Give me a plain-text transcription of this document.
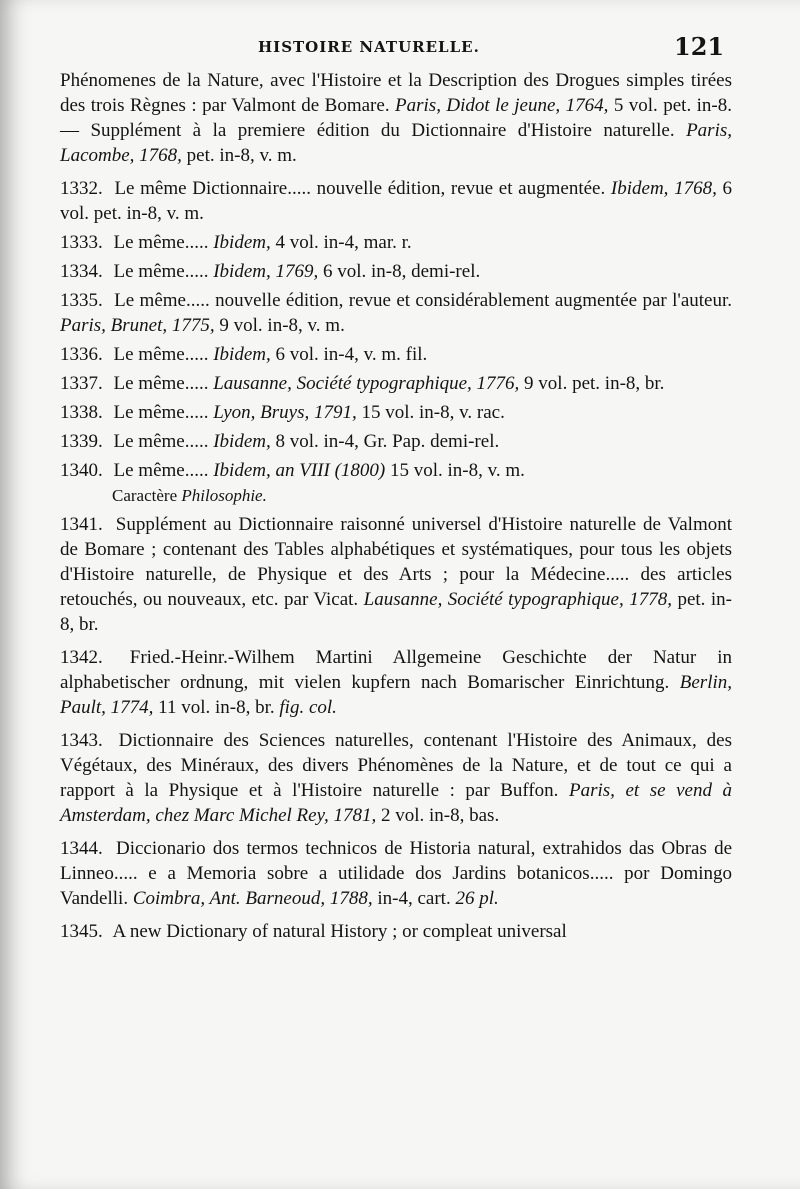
HISTOIRE NATURELLE.	121
Phénomenes de la Nature, avec l'Histoire et la Description des Drogues simples tirées des trois Règnes : par Valmont de Bomare. Paris, Didot le jeune, 1764, 5 vol. pet. in-8. — Supplément à la premiere édition du Dictionnaire d'Histoire naturelle. Paris, Lacombe, 1768, pet. in-8, v. m.
1332. Le même Dictionnaire..... nouvelle édition, revue et augmentée. Ibidem, 1768, 6 vol. pet. in-8, v. m.
1333. Le même..... Ibidem, 4 vol. in-4, mar. r.
1334. Le même..... Ibidem, 1769, 6 vol. in-8, demi-rel.
1335. Le même..... nouvelle édition, revue et considérablement augmentée par l'auteur. Paris, Brunet, 1775, 9 vol. in-8, v. m.
1336. Le même..... Ibidem, 6 vol. in-4, v. m. fil.
1337. Le même..... Lausanne, Société typographique, 1776, 9 vol. pet. in-8, br.
1338. Le même..... Lyon, Bruys, 1791, 15 vol. in-8, v. rac.
1339. Le même..... Ibidem, 8 vol. in-4, Gr. Pap. demi-rel.
1340. Le même..... Ibidem, an VIII (1800) 15 vol. in-8, v. m.
Caractère Philosophie.
1341. Supplément au Dictionnaire raisonné universel d'Histoire naturelle de Valmont de Bomare ; contenant des Tables alphabétiques et systématiques, pour tous les objets d'Histoire naturelle, de Physique et des Arts ; pour la Médecine..... des articles retouchés, ou nouveaux, etc. par Vicat. Lausanne, Société typographique, 1778, pet. in-8, br.
1342. Fried.-Heinr.-Wilhem Martini Allgemeine Geschichte der Natur in alphabetischer ordnung, mit vielen kupfern nach Bomarischer Einrichtung. Berlin, Pault, 1774, 11 vol. in-8, br. fig. col.
1343. Dictionnaire des Sciences naturelles, contenant l'Histoire des Animaux, des Végétaux, des Minéraux, des divers Phénomènes de la Nature, et de tout ce qui a rapport à la Physique et à l'Histoire naturelle : par Buffon. Paris, et se vend à Amsterdam, chez Marc Michel Rey, 1781, 2 vol. in-8, bas.
1344. Diccionario dos termos technicos de Historia natural, extrahidos das Obras de Linneo..... e a Memoria sobre a utilidade dos Jardins botanicos..... por Domingo Vandelli. Coimbra, Ant. Barneoud, 1788, in-4, cart. 26 pl.
1345. A new Dictionary of natural History ; or compleat universal
